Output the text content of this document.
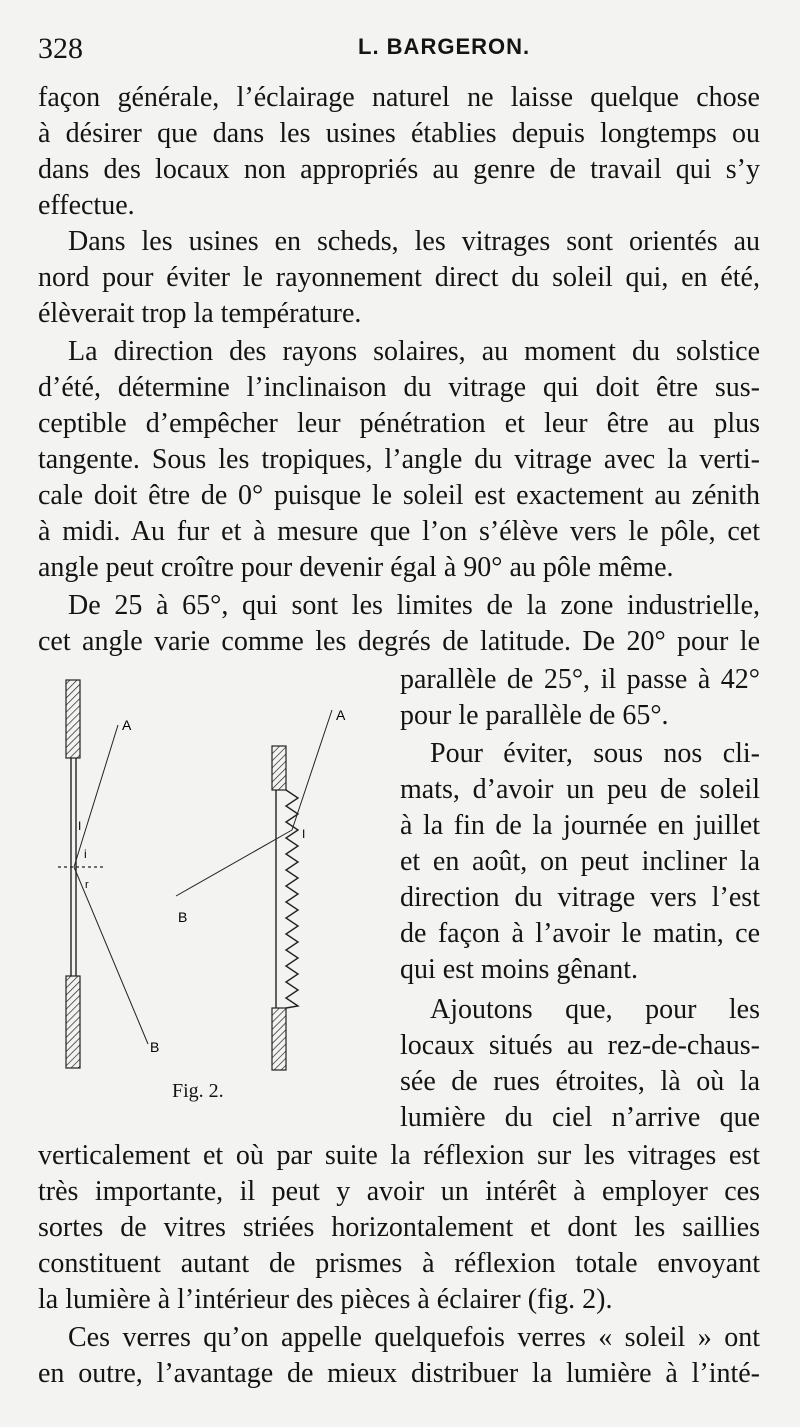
328	L. BARGERON.
façon générale, l’éclairage naturel ne laisse quelque chose
à désirer que dans les usines établies depuis longtemps ou
dans des locaux non appropriés au genre de travail qui s’y
effectue.
Dans les usines en scheds, les vitrages sont orientés au
nord pour éviter le rayonnement direct du soleil qui, en été,
élèverait trop la température.
La direction des rayons solaires, au moment du solstice
d’été, détermine l’inclinaison du vitrage qui doit être sus-
ceptible d’empêcher leur pénétration et leur être au plus
tangente. Sous les tropiques, l’angle du vitrage avec la verti-
cale doit être de 0° puisque le soleil est exactement au zénith
à midi. Au fur et à mesure que l’on s’élève vers le pôle, cet
angle peut croître pour devenir égal à 90° au pôle même.
De 25 à 65°, qui sont les limites de la zone industrielle,
cet angle varie comme les degrés de latitude. De 20° pour le
parallèle de 25°, il passe à 42°
pour le parallèle de 65°.
Pour éviter, sous nos cli-
mats, d’avoir un peu de soleil
à la fin de la journée en juillet
et en août, on peut incliner la
direction du vitrage vers l’est
de façon à l’avoir le matin, ce
qui est moins gênant.
Ajoutons que, pour les
locaux situés au rez-de-chaus-
sée de rues étroites, là où la
lumière du ciel n’arrive que
A
B
I
i
r
A
B
I
Fig. 2.
verticalement et où par suite la réflexion sur les vitrages est
très importante, il peut y avoir un intérêt à employer ces
sortes de vitres striées horizontalement et dont les saillies
constituent autant de prismes à réflexion totale envoyant
la lumière à l’intérieur des pièces à éclairer (fig. 2).
Ces verres qu’on appelle quelquefois verres « soleil » ont
en outre, l’avantage de mieux distribuer la lumière à l’inté-
